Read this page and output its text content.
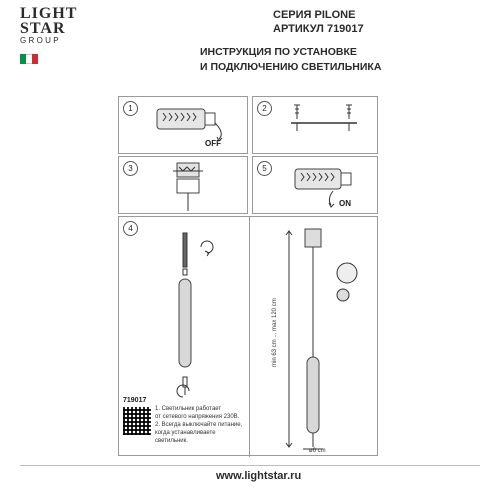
LIGHT
STAR
GROUP
СЕРИЯ PILONE
АРТИКУЛ 719017
ИНСТРУКЦИЯ ПО УСТАНОВКЕ
И ПОДКЛЮЧЕНИЮ СВЕТИЛЬНИКА
1
OFF
2
3	5
ON
4
min 63 cm ... max 120 cm
ø6 cm
719017
1. Светильник работает
от сетевого напряжения 230В.
2. Всегда выключайте питание,
когда устанавливаете светильник.
www.lightstar.ru
